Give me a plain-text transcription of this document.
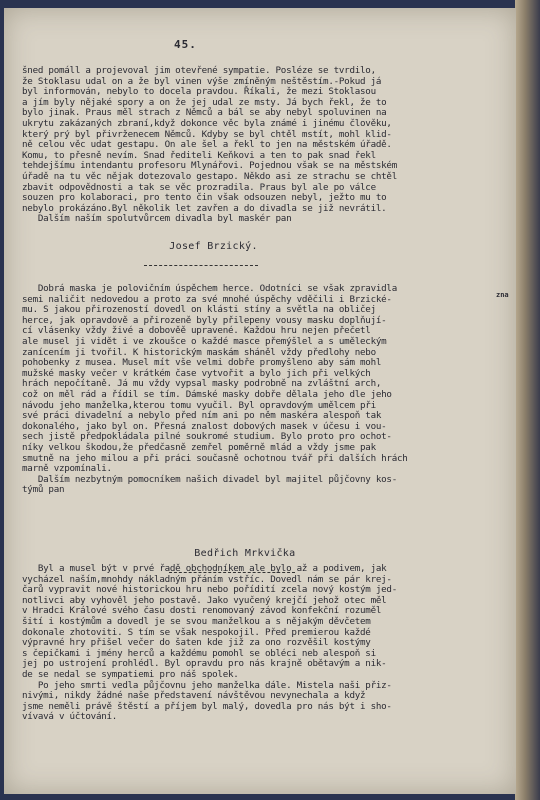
45.
šned pomáll a projevoval jim otevřené sympatie. Posléze se tvrdilo,
že Stoklasu udal on a že byl vinen výše zmíněným neštěstím.-Pokud já
byl informován, nebylo to docela pravdou. Říkali, že mezi Stoklasou
a jím byly nějaké spory a on že jej udal ze msty. Já bych řekl, že to
bylo jinak. Praus měl strach z Němců a bál se aby nebyl spoluvinen na
ukrytu zakázaných zbraní,když dokonce věc byla známé i jinému člověku,
který prý byl přivrženecem Němců. Kdyby se byl chtěl mstít, mohl klid-
ně celou věc udat gestapu. On ale šel a řekl to jen na městském úřadě.
Komu, to přesně nevím. Snad řediteli Keňkovi a ten to pak snad řekl
tehdejšímu intendantu profesoru Mlynářovi. Pojednou však se na městském
úřadě na tu věc nějak dotezovalo gestapo. Někdo asi ze strachu se chtěl
zbavit odpovědnosti a tak se věc prozradila. Praus byl ale po válce
souzen pro kolaboraci, pro tento čin však odsouzen nebyl, ježto mu to
nebylo prokázáno.Byl několik let zavřen a do divadla se již nevrátil.
Dalším naším spolutvůrcem divadla byl maskér pan

Josef Brzický.

Dobrá maska je polovičním úspěchem herce. Odotníci se však zpravidla
semi naličit nedovedou a proto za své mnohé úspěchy vděčili i Brzické-
mu. S jakou přirozeností dovedl on klásti stíny a světla na obličej
herce, jak opravdově a přirozeně byly přilepeny vousy masku doplňují-
cí vlásenky vždy živé a dobověě upravené. Každou hru nejen přečetl
ale musel ji vidět i ve zkoušce o každé masce přemýšlel a s uměleckým
zanícením ji tvořil. K historickým maskám sháněl vždy předlohy nebo
pohobenky z musea. Musel mít vše velmi dobře promyšleno aby sám mohl
mužské masky večer v krátkém čase vytvořit a bylo jich při velkých
hrách nepočítaně. Já mu vždy vypsal masky podrobně na zvláštní arch,
což on měl rád a řídil se tím. Dámské masky dobře dělala jeho dle jeho
návodu jeho manželka,kterou tomu vyučil. Byl opravdovým umělcem při
své práci divadelní a nebylo před ním ani po něm maskéra alespoň tak
dokonalého, jako byl on. Přesná znalost dobových masek v účesu i vou-
sech jistě předpokládala pilné soukromé studium. Bylo proto pro ochot-
níky velkou škodou,že předčasně zemřel poměrně mlád a vždy jsme pak
smutně na jeho milou a při práci současně ochotnou tvář při dalších hrách
marně vzpomínali.
Dalším nezbytným pomocníkem našich divadel byl majitel půjčovny kos-
týmů pan
zna

Bedřich Mrkvička

Byl a musel být v prvé řadě obchodníkem ale bylo až a podivem, jak
vycházel naším,mnohdy nákladným přáním vstříc. Dovedl nám se pár krej-
čarů vypravit nové historickou hru nebo pořídití zcela nový kostým jed-
notlivci aby vyhověl jeho postavě. Jako vyučený krejčí jehož otec měl
v Hradci Králové svého času dosti renomovaný závod konfekční rozuměl
šití i kostýmům a dovedl je se svou manželkou a s nějakým děvčetem
dokonale zhotoviti. S tím se však nespokojil. Před premierou každé
výpravné hry přišel večer do šaten kde již za ono rozvěšil kostýmy
s čepičkami i jmény herců a každému pomohl se obléci neb alespoň si
jej po ustrojení prohlédl. Byl opravdu pro nás krajně obětavým a nik-
de se nedal se sympatiemi pro náš spolek.
Po jeho smrti vedla půjčovnu jeho manželka dále. Mistela naši přiz-
nivými, nikdy žádné naše představení návštěvou nevynechala a když
jsme neměli právě štěstí a příjem byl malý, dovedla pro nás být i sho-
vívavá v účtování.
